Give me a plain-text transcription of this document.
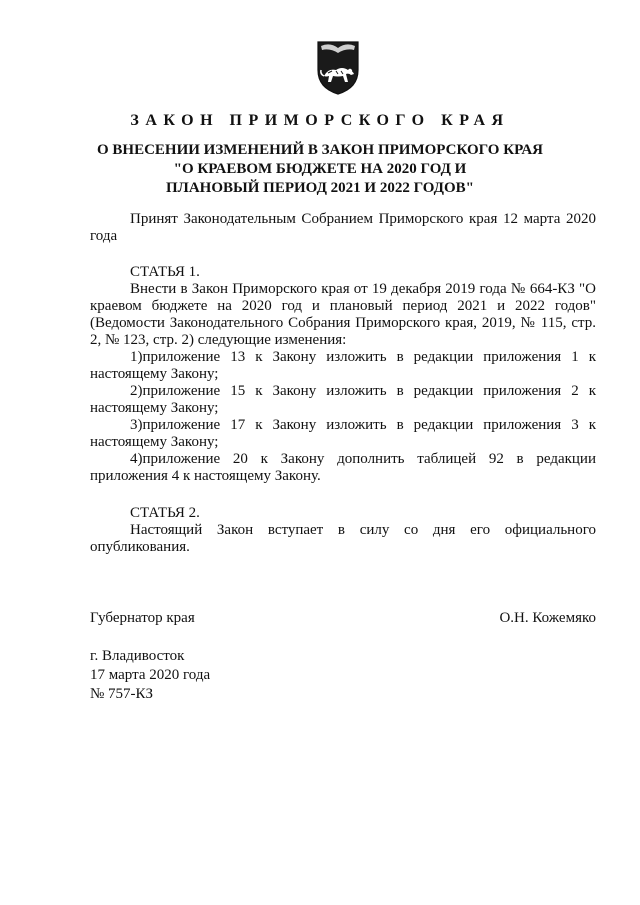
ЗАКОН ПРИМОРСКОГО КРАЯ
О ВНЕСЕНИИ ИЗМЕНЕНИЙ В ЗАКОН ПРИМОРСКОГО КРАЯ
"О КРАЕВОМ БЮДЖЕТЕ НА 2020 ГОД И
ПЛАНОВЫЙ ПЕРИОД 2021 И 2022 ГОДОВ"

Принят Законодательным Собранием Приморского края 12 марта 2020 года

СТАТЬЯ 1.

Внести в Закон Приморского края от 19 декабря 2019 года № 664-КЗ "О краевом бюджете на 2020 год и плановый период 2021 и 2022 годов" (Ведомости Законодательного Собрания Приморского края, 2019, № 115, стр. 2, № 123, стр. 2) следующие изменения:

1)приложение 13 к Закону изложить в редакции приложения 1 к настоящему Закону;

2)приложение 15 к Закону изложить в редакции приложения 2 к настоящему Закону;

3)приложение 17 к Закону изложить в редакции приложения 3 к настоящему Закону;

4)приложение 20 к Закону дополнить таблицей 92 в редакции приложения 4 к настоящему Закону.

СТАТЬЯ 2.

Настоящий Закон вступает в силу со дня его официального опубликования.

Губернатор края	О.Н. Кожемяко
г. Владивосток
17 марта 2020 года
№ 757-КЗ
